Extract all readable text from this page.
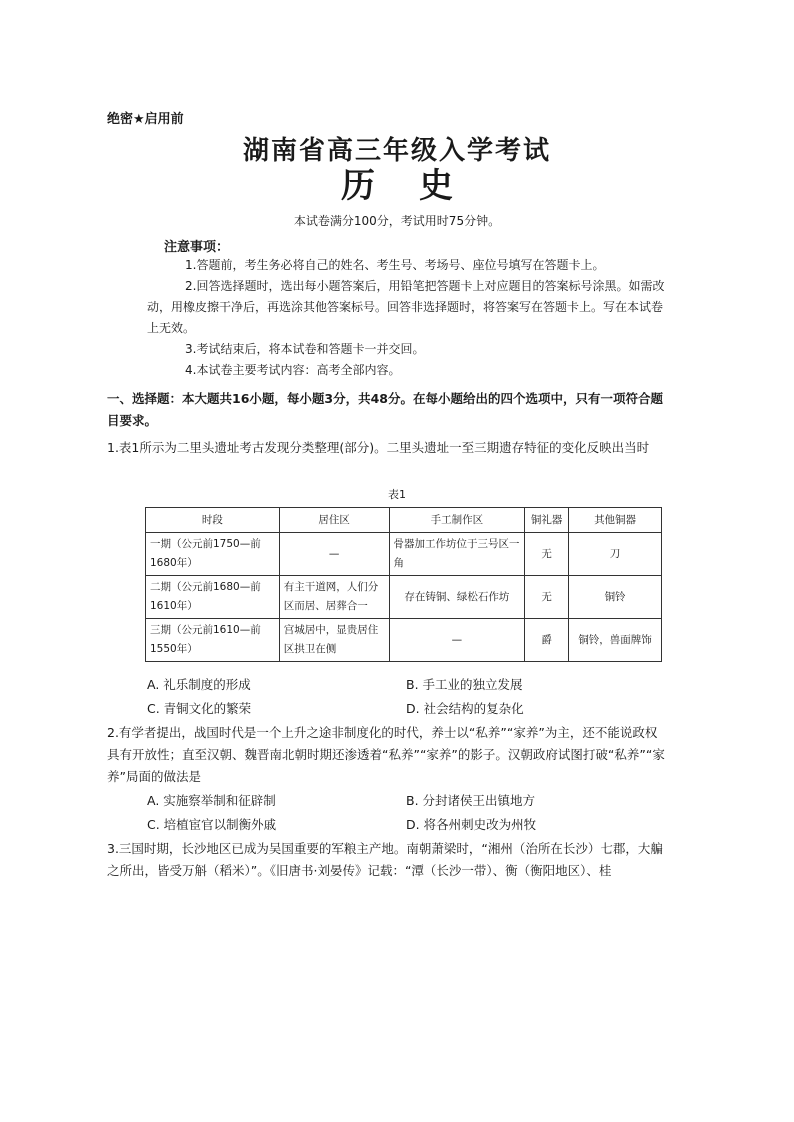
绝密★启用前
湖南省高三年级入学考试
历史
本试卷满分100分，考试用时75分钟。
注意事项：

1.答题前，考生务必将自己的姓名、考生号、考场号、座位号填写在答题卡上。

2.回答选择题时，选出每小题答案后，用铅笔把答题卡上对应题目的答案标号涂黑。如需改动，用橡皮擦干净后，再选涂其他答案标号。回答非选择题时，将答案写在答题卡上。写在本试卷上无效。

3.考试结束后，将本试卷和答题卡一并交回。

4.本试卷主要考试内容：高考全部内容。

一、选择题：本大题共16小题，每小题3分，共48分。在每小题给出的四个选项中，只有一项符合题目要求。

1.表1所示为二里头遗址考古发现分类整理(部分)。二里头遗址一至三期遗存特征的变化反映出当时

表1
时段	居住区	手工制作区	铜礼器	其他铜器
一期（公元前1750—前1680年）	—	骨器加工作坊位于三号区一角	无	刀
二期（公元前1680—前1610年）	有主干道网，人们分区而居、居葬合一	存在铸铜、绿松石作坊	无	铜铃
三期（公元前1610—前1550年）	宫城居中，显贵居住区拱卫在侧	—	爵	铜铃，兽面牌饰
A. 礼乐制度的形成	B. 手工业的独立发展
C. 青铜文化的繁荣	D. 社会结构的复杂化

2.有学者提出，战国时代是一个上升之途非制度化的时代，养士以“私养”“家养”为主，还不能说政权具有开放性；直至汉朝、魏晋南北朝时期还渗透着“私养”“家养”的影子。汉朝政府试图打破“私养”“家养”局面的做法是

A. 实施察举制和征辟制	B. 分封诸侯王出镇地方
C. 培植宦官以制衡外戚	D. 将各州刺史改为州牧

3.三国时期，长沙地区已成为吴国重要的军粮主产地。南朝萧梁时，“湘州（治所在长沙）七郡，大艑之所出，皆受万斛（稻米）”。《旧唐书·刘晏传》记载：“潭（长沙一带）、衡（衡阳地区）、桂
